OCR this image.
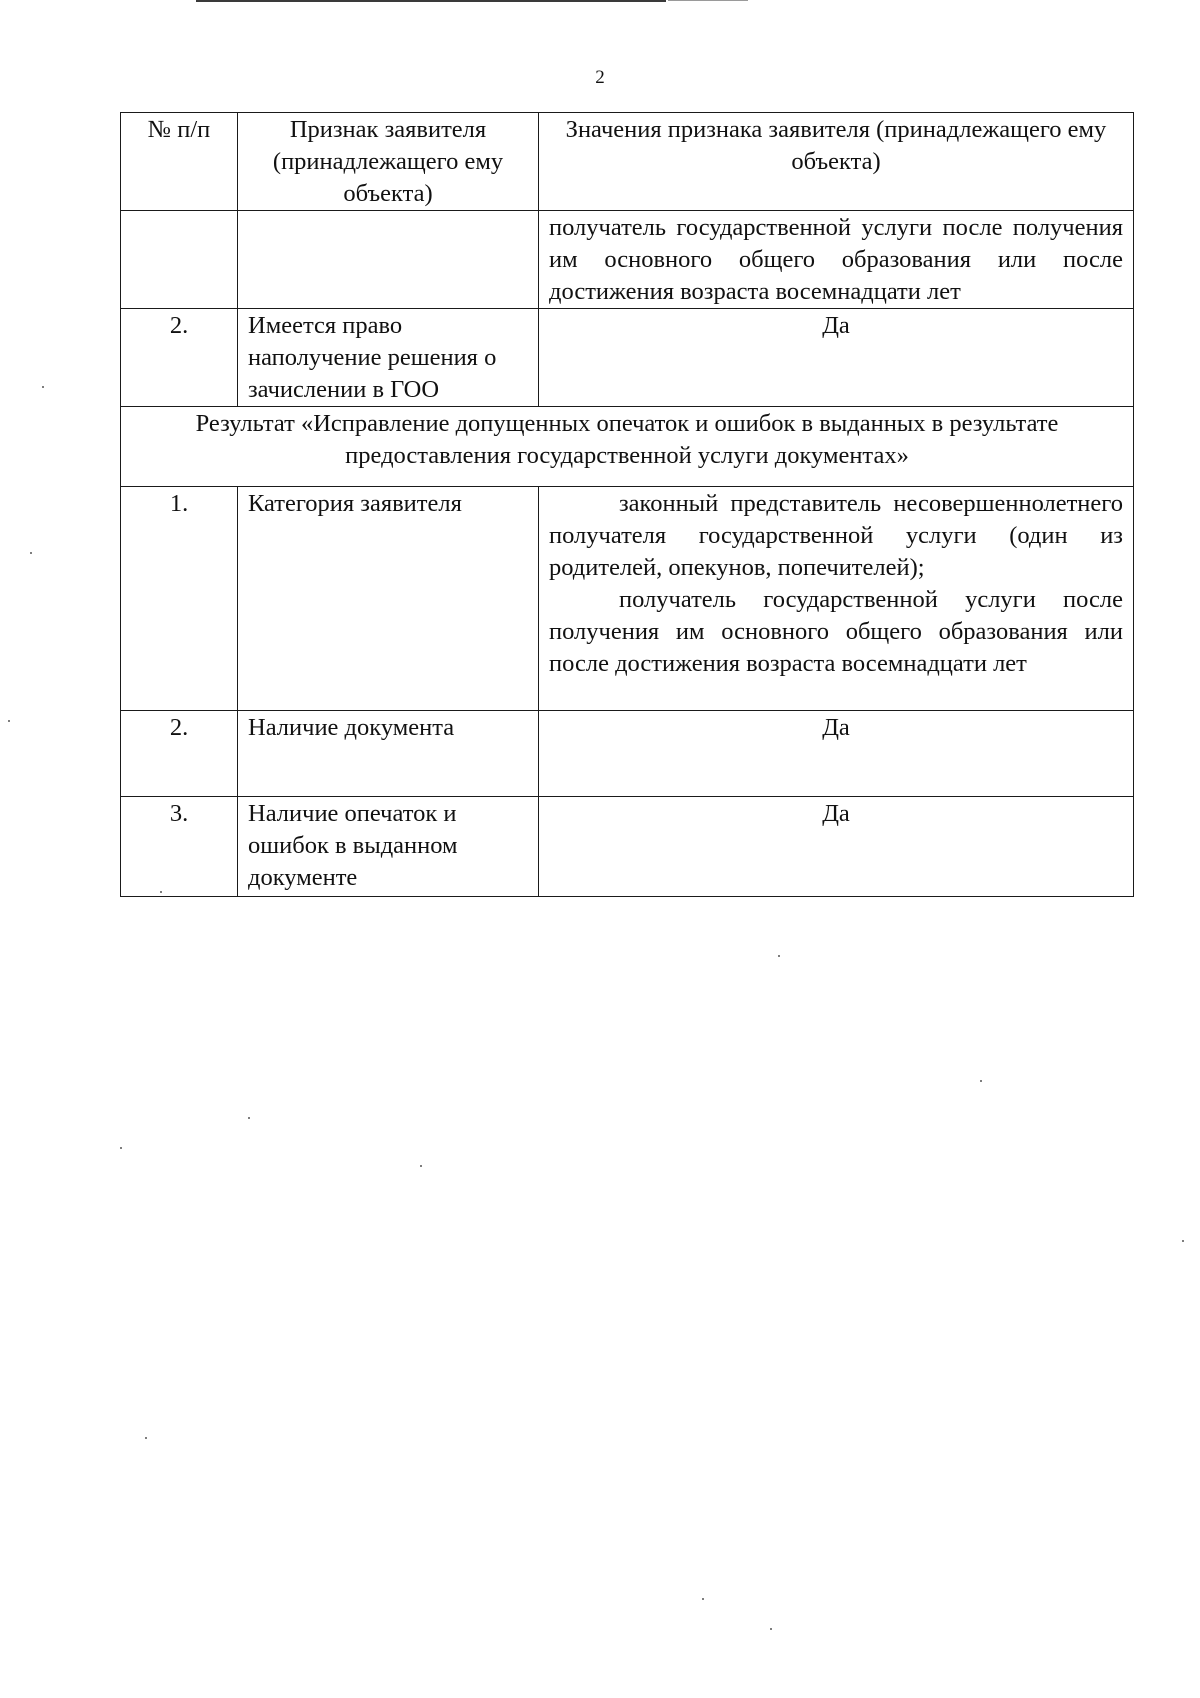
2
№ п/п	Признак заявителя (принадлежащего ему объекта)	Значения признака заявителя (принадлежащего ему объекта)

		получатель государственной услуги после получения им основного общего образования или после достижения возраста восемнадцати лет

2.	Имеется право наполучение решения о зачислении в ГОО	Да
Результат «Исправление допущенных опечаток и ошибок в выданных в результате предоставления государственной услуги документах»		
1.	Категория заявителя	законный представитель несовершеннолетнего получателя государственной услуги (один из родителей, опекунов, попечителей);

получатель государственной услуги после получения им основного общего образования или после достижения возраста восемнадцати лет

2.	Наличие документа	Да
3.	Наличие опечаток и ошибок в выданном документе	Да
